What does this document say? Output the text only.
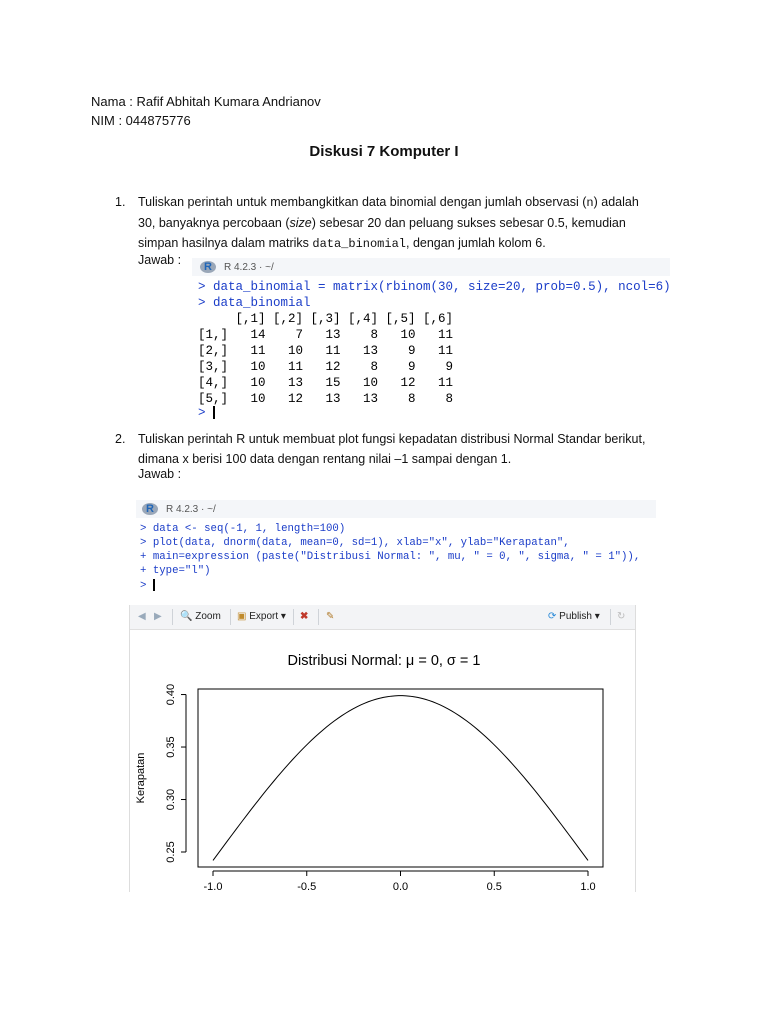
Nama : Rafif Abhitah Kumara Andrianov
NIM : 044875776
Diskusi 7 Komputer I
1. Tuliskan perintah untuk membangkitkan data binomial dengan jumlah observasi (n) adalah
30, banyaknya percobaan (size) sebesar 20 dan peluang sukses sebesar 0.5, kemudian
simpan hasilnya dalam matriks data_binomial, dengan jumlah kolom 6.
Jawab :	R	R 4.2.3 · ~/
> data_binomial = matrix(rbinom(30, size=20, prob=0.5), ncol=6)
> data_binomial
[,1] [,2] [,3] [,4] [,5] [,6]
[1,]   14    7   13    8   10   11
[2,]   11   10   11   13    9   11
[3,]   10   11   12    8    9    9
[4,]   10   13   15   10   12   11
[5,]   10   12   13   13    8    8
>
2. Tuliskan perintah R untuk membuat plot fungsi kepadatan distribusi Normal Standar berikut,
dimana x berisi 100 data dengan rentang nilai –1 sampai dengan 1.
Jawab :
R	R 4.2.3 · ~/
> data <- seq(-1, 1, length=100)
> plot(data, dnorm(data, mean=0, sd=1), xlab="x", ylab="Kerapatan",
+ main=expression (paste("Distribusi Normal: ", mu, " = 0, ", sigma, " = 1")),
+ type="l")
>
◀ ▶ 🔍 Zoom ▣ Export ▾ ✖ ✎	⟳ Publish ▾ ↻
Distribusi Normal: μ = 0, σ = 1
0.25
0.30
0.35
0.40
-1.0	-0.5	0.0	0.5	1.0
Kerapatan
